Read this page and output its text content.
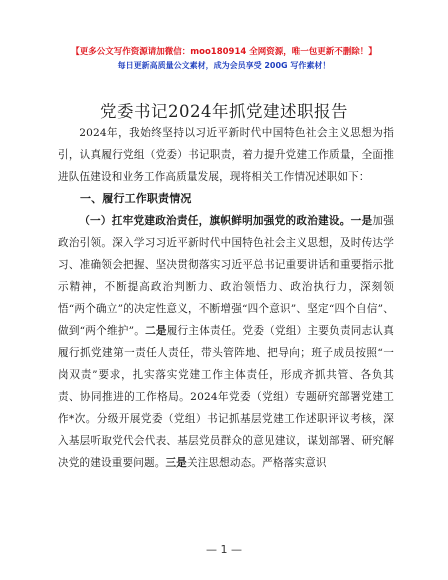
【更多公文写作资源请加微信：moo180914 全网资源，唯一包更新不删除！】
每日更新高质量公文素材，成为会员享受 200G 写作素材！
党委书记2024年抓党建述职报告

2024年，我始终坚持以习近平新时代中国特色社会主义思想为指引，认真履行党组（党委）书记职责，着力提升党建工作质量，全面推进队伍建设和业务工作高质量发展，现将相关工作情况述职如下：

一、履行工作职责情况

（一）扛牢党建政治责任，旗帜鲜明加强党的政治建设。一是加强政治引领。深入学习习近平新时代中国特色社会主义思想，及时传达学习、准确领会把握、坚决贯彻落实习近平总书记重要讲话和重要指示批示精神，不断提高政治判断力、政治领悟力、政治执行力，深刻领悟“两个确立”的决定性意义，不断增强“四个意识”、坚定“四个自信”、做到“两个维护”。二是履行主体责任。党委（党组）主要负责同志认真履行抓党建第一责任人责任，带头管阵地、把导向；班子成员按照“一岗双责”要求，扎实落实党建工作主体责任，形成齐抓共管、各负其责、协同推进的工作格局。2024年党委（党组）专题研究部署党建工作*次。分级开展党委（党组）书记抓基层党建工作述职评议考核，深入基层听取党代会代表、基层党员群众的意见建议，谋划部署、研究解决党的建设重要问题。三是关注思想动态。严格落实意识

— 1 —
